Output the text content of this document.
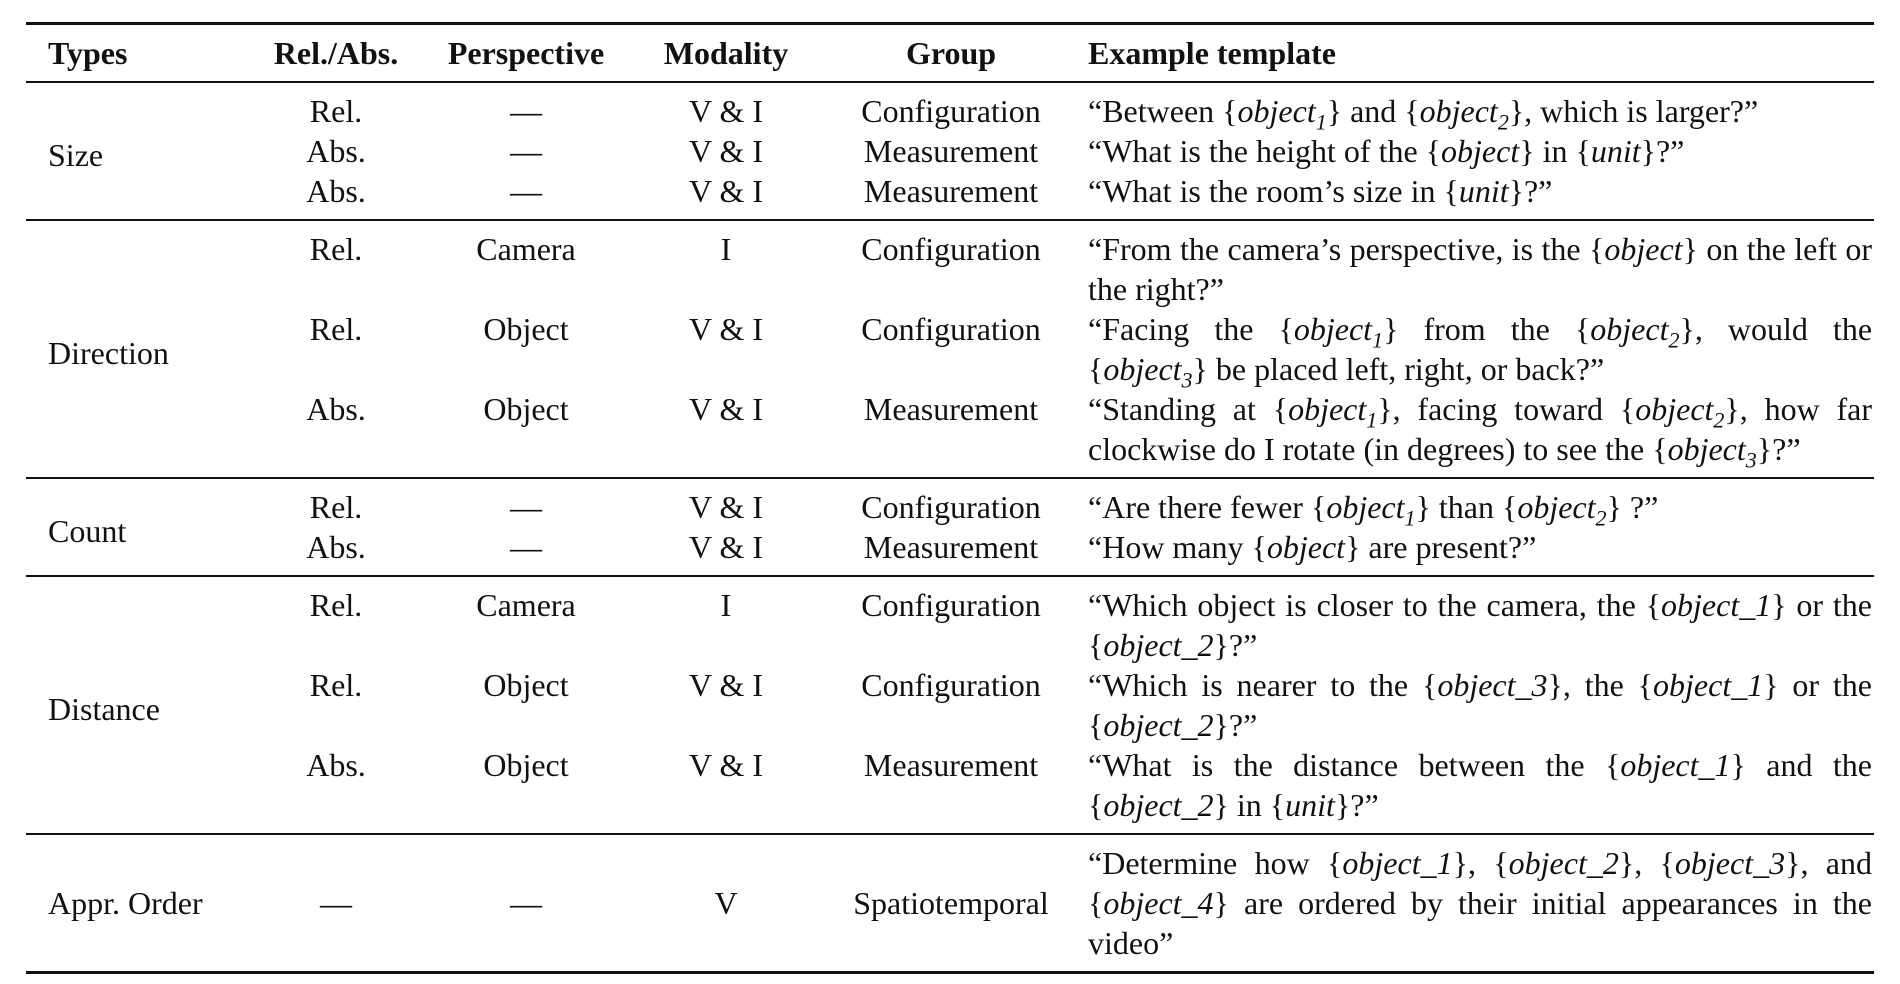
Types	Rel./Abs.	Perspective	Modality	Group	Example template
Size	Rel.	—	V & I	Configuration	“Between {object$_1$} and {object$_2$}, which is larger?”
	Abs.	—	V & I	Measurement	“What is the height of the {object} in {unit}?”
	Abs.	—	V & I	Measurement	“What is the room’s size in {unit}?”
Direction	Rel.	Camera	I	Configuration	“From the camera’s perspective, is the {object} on the left or the right?”
	Rel.	Object	V & I	Configuration	“Facing the {object$_1$} from the {object$_2$}, would the {object$_3$} be placed left, right, or back?”
	Abs.	Object	V & I	Measurement	“Standing at {object$_1$}, facing toward {object$_2$}, how far clockwise do I rotate (in degrees) to see the {object$_3$}?”
Count	Rel.	—	V & I	Configuration	“Are there fewer {object$_1$} than {object$_2$} ?”
	Abs.	—	V & I	Measurement	“How many {object} are present?”
Distance	Rel.	Camera	I	Configuration	“Which object is closer to the camera, the {object_1} or the {object_2}?”
	Rel.	Object	V & I	Configuration	“Which is nearer to the {object_3}, the {object_1} or the {object_2}?”
	Abs.	Object	V & I	Measurement	“What is the distance between the {object_1} and the {object_2} in {unit}?”
Appr. Order	—	—	V	Spatiotemporal	“Determine how {object_1}, {object_2}, {object_3}, and {object_4} are ordered by their initial appearances in the video”
